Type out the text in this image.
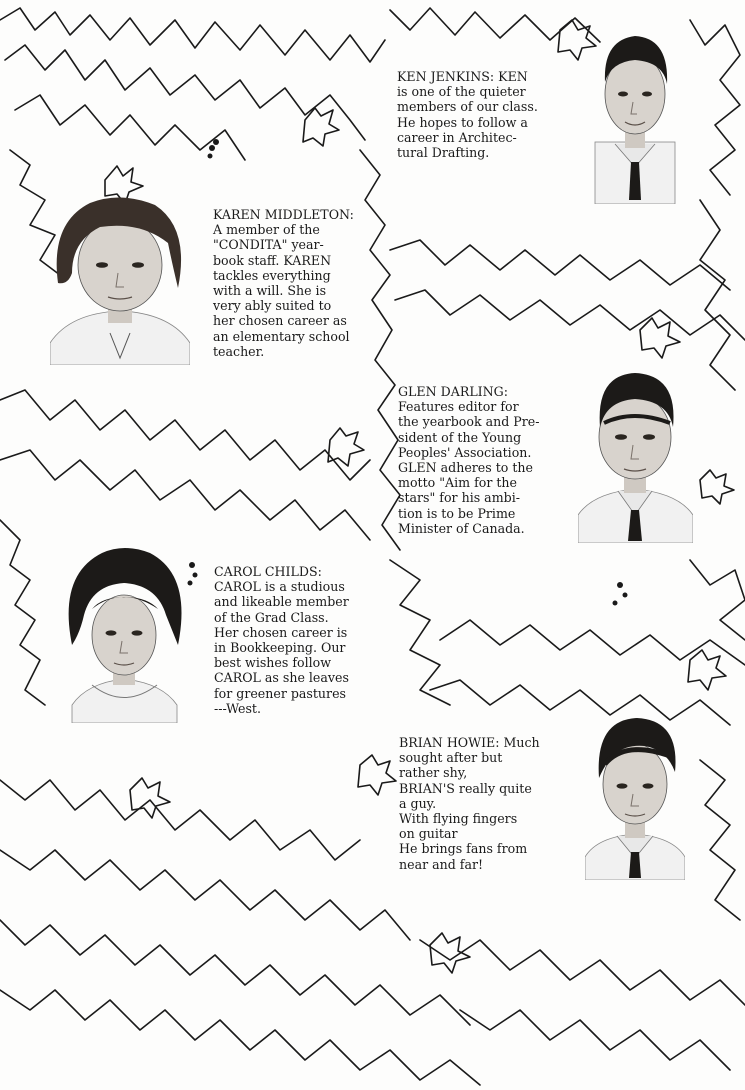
KEN JENKINS: KEN
is one of the quieter
members of our class.
He hopes to follow a
career in Architec-
tural Drafting.
KAREN MIDDLETON:
A member of the
"CONDITA" year-
book staff. KAREN
tackles everything
with a will. She is
very ably suited to
her chosen career as
an elementary school
teacher.
GLEN DARLING:
Features editor for
the yearbook and Pre-
sident of the Young
Peoples' Association.
GLEN adheres to the
motto "Aim for the
stars" for his ambi-
tion is to be Prime
Minister of Canada.
CAROL CHILDS:
CAROL is a studious
and likeable member
of the Grad Class.
Her chosen career is
in Bookkeeping. Our
best wishes follow
CAROL as she leaves
for greener pastures
---West.
BRIAN HOWIE: Much
sought after but
rather shy,
BRIAN'S really quite
a guy.
With flying fingers
on guitar
He brings fans from
near and far!
